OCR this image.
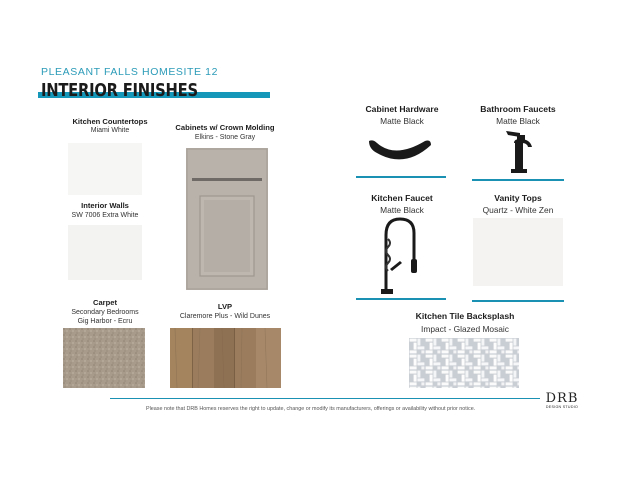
PLEASANT FALLS HOMESITE 12
INTERIOR FINISHES
Kitchen Countertops
Miami White
Interior Walls
SW 7006 Extra White
Carpet
Secondary Bedrooms
Gig Harbor - Ecru
Cabinets w/ Crown Molding
Elkins - Stone Gray
LVP
Claremore Plus - Wild Dunes
Cabinet Hardware
Matte Black
Bathroom Faucets
Matte Black
Kitchen Faucet
Matte Black
Vanity Tops
Quartz - White Zen
Kitchen Tile Backsplash
Impact - Glazed Mosaic
Please note that DRB Homes reserves the right to update, change or modify its manufacturers, offerings or availability without prior notice.
DRB
DESIGN STUDIO
